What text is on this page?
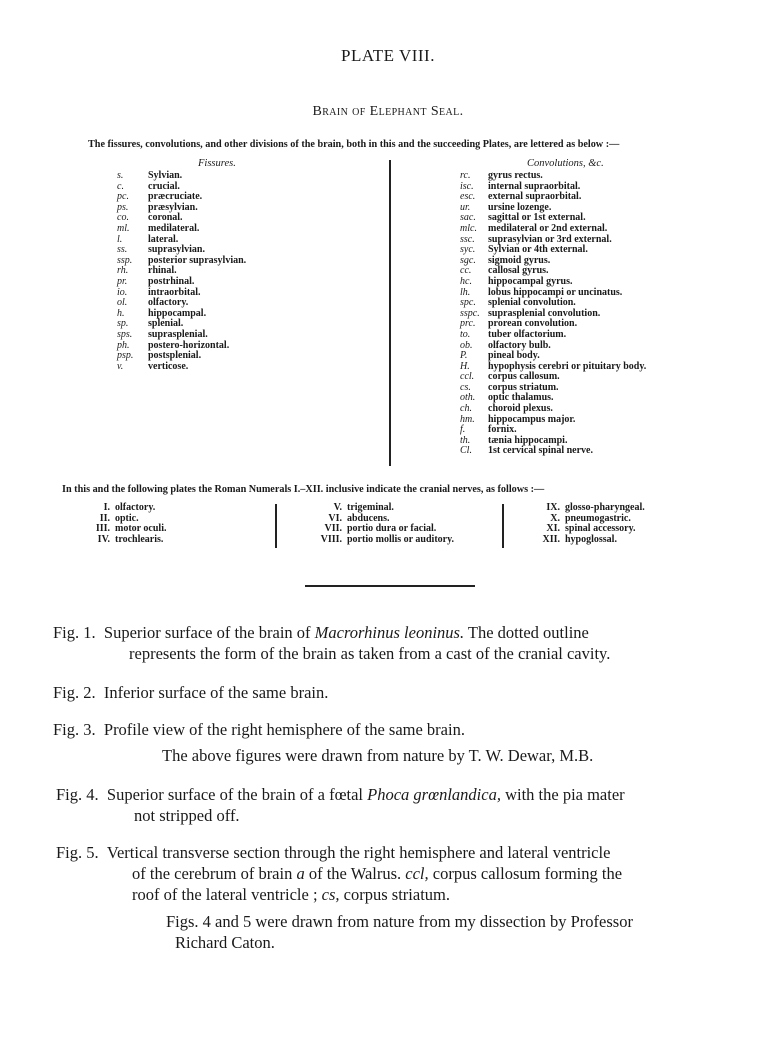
PLATE VIII.
Brain of Elephant Seal.
The fissures, convolutions, and other divisions of the brain, both in this and the succeeding Plates, are lettered as below :—
Fissures.
s.	Sylvian.
c.	crucial.
pc.	præcruciate.
ps.	præsylvian.
co.	coronal.
ml.	medilateral.
l.	lateral.
ss.	suprasylvian.
ssp.	posterior suprasylvian.
rh.	rhinal.
pr.	postrhinal.
io.	intraorbital.
ol.	olfactory.
h.	hippocampal.
sp.	splenial.
sps.	suprasplenial.
ph.	postero-horizontal.
psp.	postsplenial.
v.	verticose.
Convolutions, &c.
rc.	gyrus rectus.
isc.	internal supraorbital.
esc.	external supraorbital.
ur.	ursine lozenge.
sac.	sagittal or 1st external.
mlc.	medilateral or 2nd external.
ssc.	suprasylvian or 3rd external.
syc.	Sylvian or 4th external.
sgc.	sigmoid gyrus.
cc.	callosal gyrus.
hc.	hippocampal gyrus.
lh.	lobus hippocampi or uncinatus.
spc.	splenial convolution.
sspc. suprasplenial convolution.
prc.	prorean convolution.
to.	tuber olfactorium.
ob.	olfactory bulb.
P.	pineal body.
H.	hypophysis cerebri or pituitary body.
ccl.	corpus callosum.
cs.	corpus striatum.
oth.	optic thalamus.
ch.	choroid plexus.
hm.	hippocampus major.
f.	fornix.
th.	tænia hippocampi.
Cl.	1st cervical spinal nerve.
In this and the following plates the Roman Numerals I.–XII. inclusive indicate the cranial nerves, as follows :—
I. olfactory.
II. optic.
III. motor oculi.
IV. trochlearis.
V. trigeminal.
VI. abducens.
VII. portio dura or facial.
VIII. portio mollis or auditory.
IX. glosso-pharyngeal.
X. pneumogastric.
XI. spinal accessory.
XII. hypoglossal.
Fig. 1. Superior surface of the brain of Macrorhinus leoninus. The dotted outline
represents the form of the brain as taken from a cast of the cranial cavity.
Fig. 2. Inferior surface of the same brain.
Fig. 3. Profile view of the right hemisphere of the same brain.
The above figures were drawn from nature by T. W. Dewar, M.B.
Fig. 4. Superior surface of the brain of a fœtal Phoca grœnlandica, with the pia mater
not stripped off.
Fig. 5. Vertical transverse section through the right hemisphere and lateral ventricle
of the cerebrum of brain a of the Walrus. ccl, corpus callosum forming the
roof of the lateral ventricle ; cs, corpus striatum.
Figs. 4 and 5 were drawn from nature from my dissection by Professor
Richard Caton.
